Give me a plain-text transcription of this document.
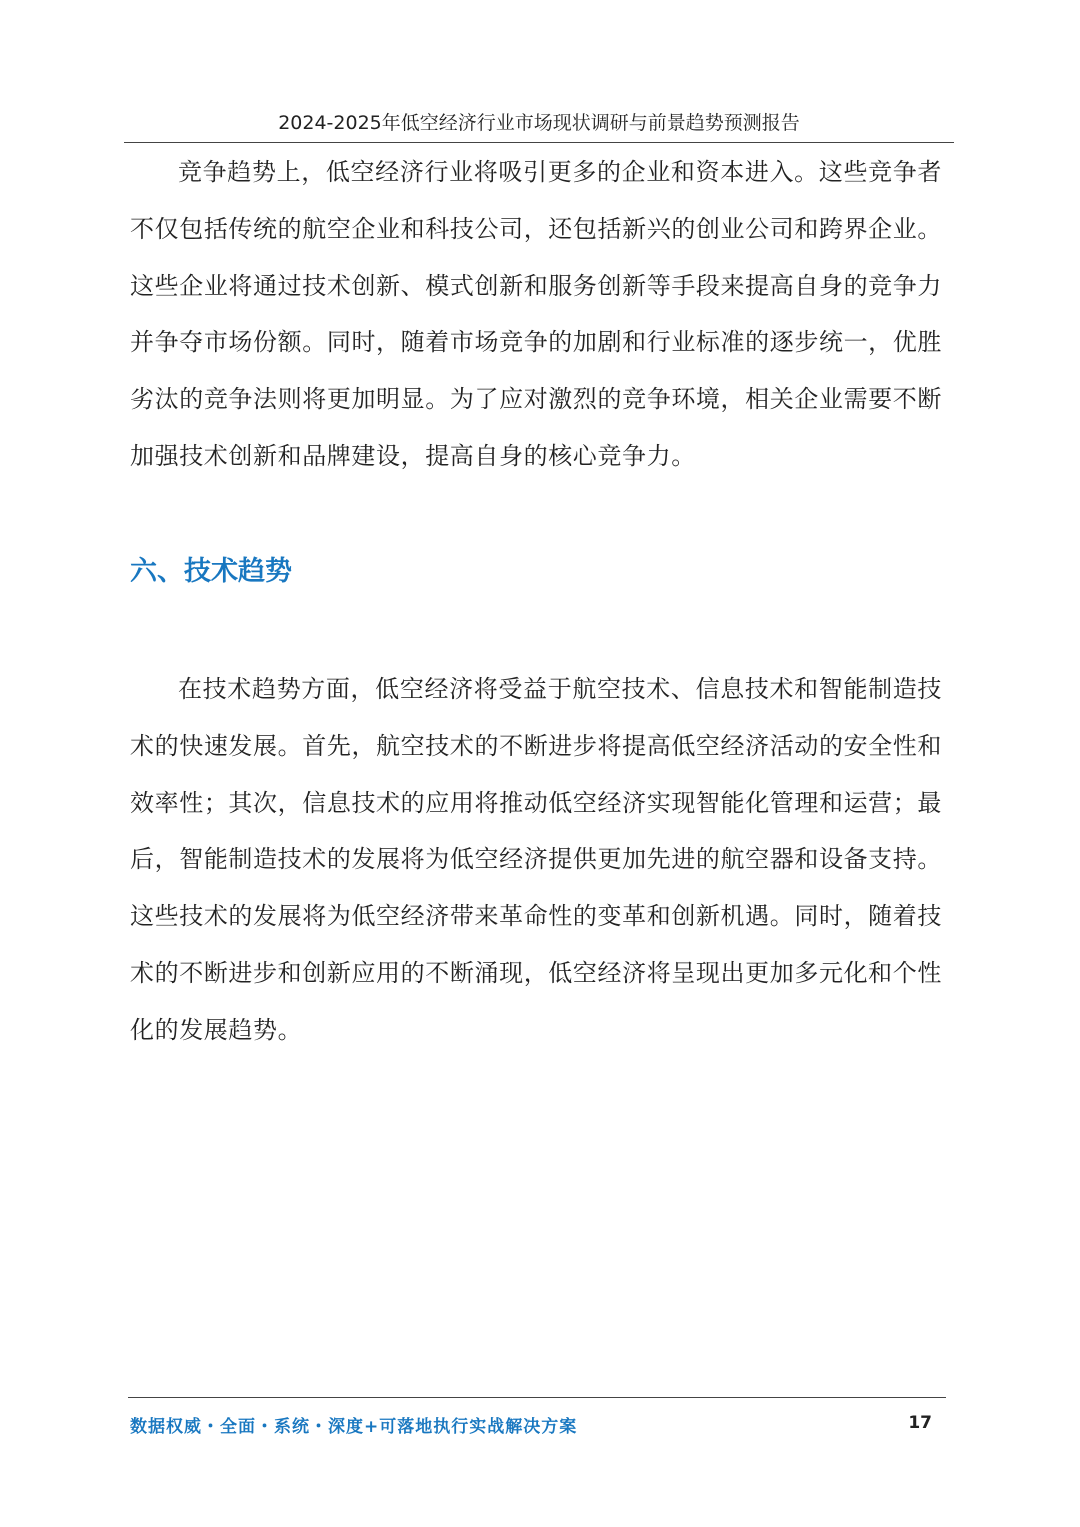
2024-2025年低空经济行业市场现状调研与前景趋势预测报告

竞争趋势上，低空经济行业将吸引更多的企业和资本进入。这些竞争者不仅包括传统的航空企业和科技公司，还包括新兴的创业公司和跨界企业。这些企业将通过技术创新、模式创新和服务创新等手段来提高自身的竞争力并争夺市场份额。同时，随着市场竞争的加剧和行业标准的逐步统一，优胜劣汰的竞争法则将更加明显。为了应对激烈的竞争环境，相关企业需要不断加强技术创新和品牌建设，提高自身的核心竞争力。

六、技术趋势

在技术趋势方面，低空经济将受益于航空技术、信息技术和智能制造技术的快速发展。首先，航空技术的不断进步将提高低空经济活动的安全性和效率性；其次，信息技术的应用将推动低空经济实现智能化管理和运营；最后，智能制造技术的发展将为低空经济提供更加先进的航空器和设备支持。这些技术的发展将为低空经济带来革命性的变革和创新机遇。同时，随着技术的不断进步和创新应用的不断涌现，低空经济将呈现出更加多元化和个性化的发展趋势。

数据权威・全面・系统・深度+可落地执行实战解决方案	17
